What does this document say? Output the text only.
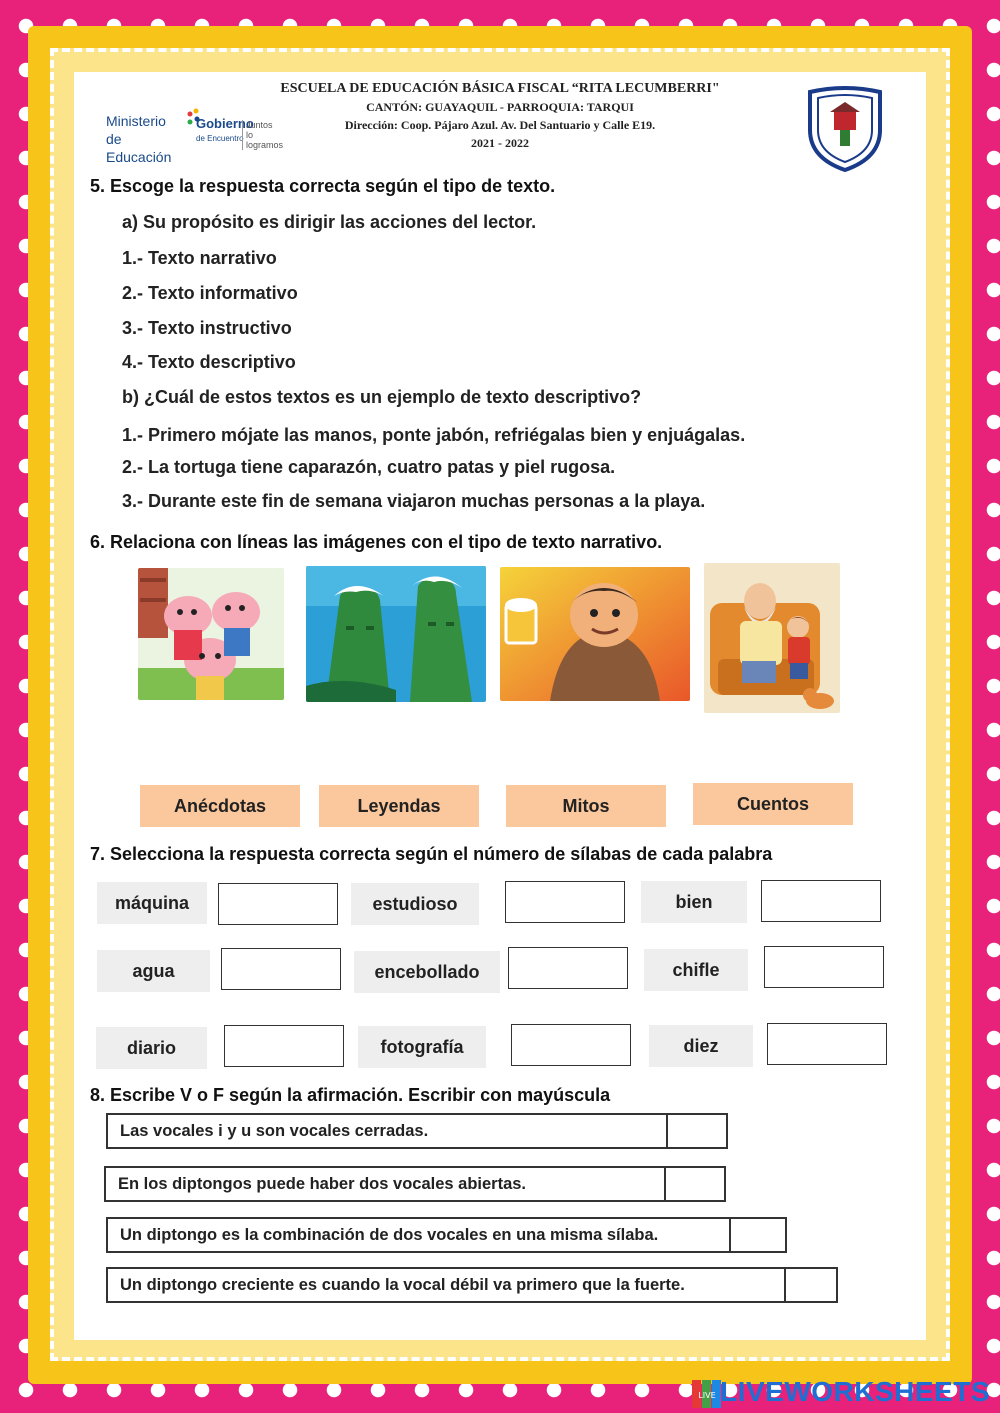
Ministerio de Educación
Gobierno
de Encuentro
Juntos lo logramos
ESCUELA DE EDUCACIÓN BÁSICA FISCAL “RITA LECUMBERRI"
CANTÓN: GUAYAQUIL - PARROQUIA: TARQUI
Dirección: Coop. Pájaro Azul. Av. Del Santuario y Calle E19.
2021 - 2022
5. Escoge la respuesta correcta según el tipo de texto.
a) Su propósito es dirigir las acciones del lector.
1.- Texto narrativo
2.- Texto informativo
3.- Texto instructivo
4.- Texto descriptivo
b) ¿Cuál de estos textos es un ejemplo de texto descriptivo?
1.- Primero mójate las manos, ponte jabón, refriégalas bien y enjuágalas.
2.- La tortuga tiene caparazón, cuatro patas y piel rugosa.
3.- Durante este fin de semana viajaron muchas personas a la playa.
6. Relaciona con líneas las imágenes con el tipo de texto narrativo.
Anécdotas	Leyendas	Mitos	Cuentos
7. Selecciona la respuesta correcta según el número de sílabas de cada palabra
máquina	estudioso	bien
agua	encebollado	chifle
diario	fotografía	diez
8. Escribe V o F según la afirmación. Escribir con mayúscula
Las vocales i y u son vocales cerradas.
En los diptongos puede haber dos vocales abiertas.
Un diptongo es la combinación de dos vocales en una misma sílaba.
Un diptongo creciente es cuando la vocal débil va primero que la fuerte.
LIVE LIVEWORKSHEETS
